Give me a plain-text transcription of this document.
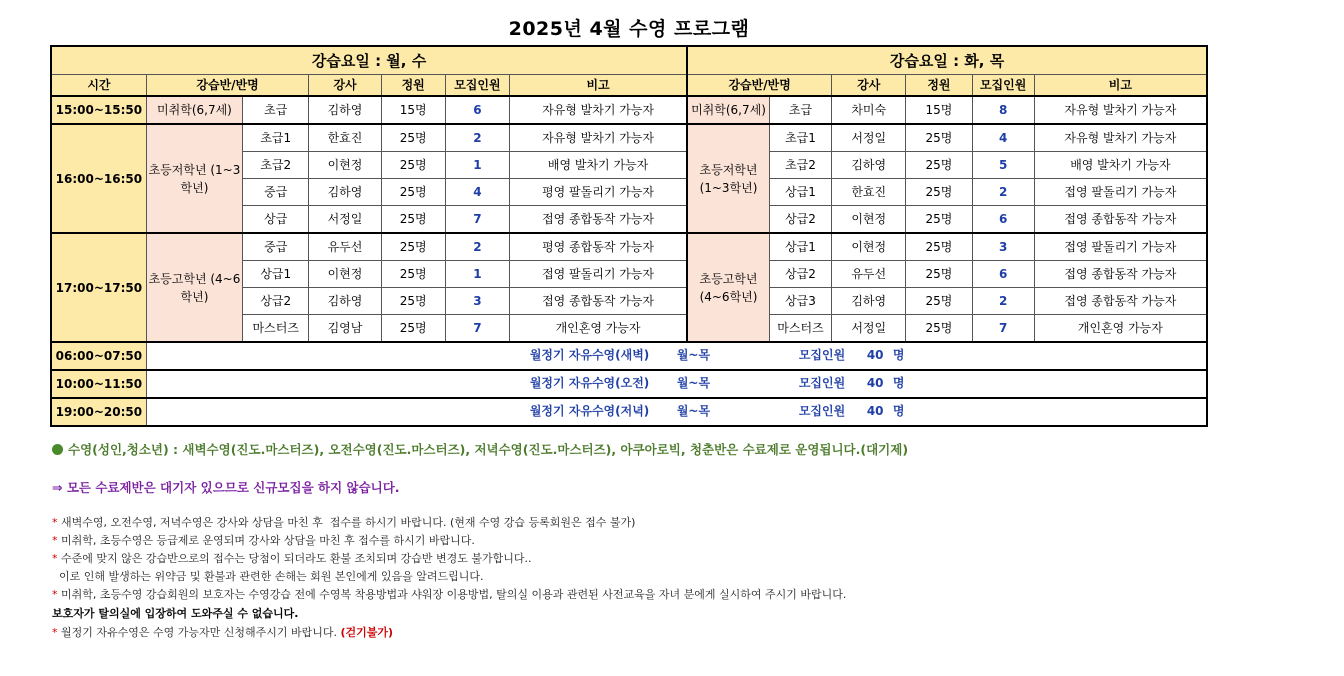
2025년 4월 수영 프로그램
강습요일 : 월, 수							강습요일 : 화, 목					
시간	강습반/반명		강사	정원	모집인원	비고	강습반/반명		강사	정원	모집인원	비고
15:00~15:50	미취학(6,7세)	초급	김하영	15명	6	자유형 발차기 가능자	미취학(6,7세)	초급	차미숙	15명	8	자유형 발차기 가능자
16:00~16:50	초등저학년 (1~3학년)	초급1	한효진	25명	2	자유형 발차기 가능자	초등저학년 (1~3학년)	초급1	서정일	25명	4	자유형 발차기 가능자
		초급2	이현정	25명	1	배영 발차기 가능자		초급2	김하영	25명	5	배영 발차기 가능자
		중급	김하영	25명	4	평영 팔돌리기 가능자		상급1	한효진	25명	2	접영 팔돌리기 가능자
		상급	서정일	25명	7	접영 종합동작 가능자		상급2	이현정	25명	6	접영 종합동작 가능자
17:00~17:50	초등고학년 (4~6학년)	중급	유두선	25명	2	평영 종합동작 가능자	초등고학년 (4~6학년)	상급1	이현정	25명	3	접영 팔돌리기 가능자
		상급1	이현정	25명	1	접영 팔돌리기 가능자		상급2	유두선	25명	6	접영 종합동작 가능자
		상급2	김하영	25명	3	접영 종합동작 가능자		상급3	김하영	25명	2	접영 종합동작 가능자
		마스터즈	김영남	25명	7	개인혼영 가능자		마스터즈	서정일	25명	7	개인혼영 가능자
06:00~07:50	월정기 자유수영(새벽) 월~목 모집인원 40 명											

10:00~11:50	월정기 자유수영(오전) 월~목 모집인원 40 명											

19:00~20:50	월정기 자유수영(저녁) 월~목 모집인원 40 명											
수영(성인,청소년) : 새벽수영(진도.마스터즈), 오전수영(진도.마스터즈), 저녁수영(진도.마스터즈), 아쿠아로빅, 청춘반은 수료제로 운영됩니다.(대기제)
⇒ 모든 수료제반은 대기자 있으므로 신규모집을 하지 않습니다.
* 새벽수영, 오전수영, 저녁수영은 강사와 상담을 마친 후  접수를 하시기 바랍니다. (현재 수영 강습 등록회원은 접수 불가)
* 미취학, 초등수영은 등급제로 운영되며 강사와 상담을 마친 후 접수를 하시기 바랍니다.
* 수준에 맞지 않은 강습반으로의 접수는 당첨이 되더라도 환불 조치되며 강습반 변경도 불가합니다..
이로 인해 발생하는 위약금 및 환불과 관련한 손해는 회원 본인에게 있음을 알려드립니다.
* 미취학, 초등수영 강습회원의 보호자는 수영강습 전에 수영복 착용방법과 샤워장 이용방법, 탈의실 이용과 관련된 사전교육을 자녀 분에게 실시하여 주시기 바랍니다.
보호자가 탈의실에 입장하여 도와주실 수 없습니다.
* 월정기 자유수영은 수영 가능자만 신청해주시기 바랍니다. (걷기불가)
